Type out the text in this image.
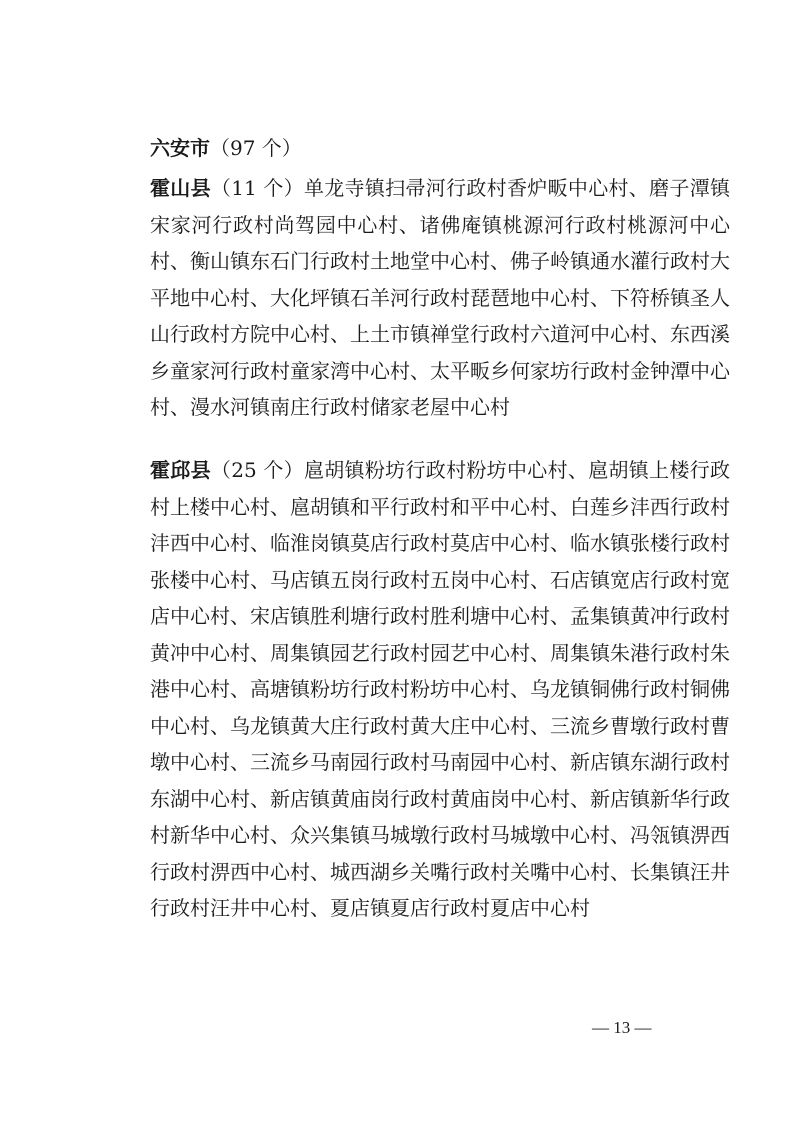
六安市（97 个）
霍山县（11 个）单龙寺镇扫帚河行政村香炉畈中心村、磨子潭镇宋家河行政村尚驾园中心村、诸佛庵镇桃源河行政村桃源河中心村、衡山镇东石门行政村土地堂中心村、佛子岭镇通水灌行政村大平地中心村、大化坪镇石羊河行政村琵琶地中心村、下符桥镇圣人山行政村方院中心村、上土市镇禅堂行政村六道河中心村、东西溪乡童家河行政村童家湾中心村、太平畈乡何家坊行政村金钟潭中心村、漫水河镇南庄行政村储家老屋中心村
霍邱县（25 个）扈胡镇粉坊行政村粉坊中心村、扈胡镇上楼行政村上楼中心村、扈胡镇和平行政村和平中心村、白莲乡沣西行政村沣西中心村、临淮岗镇莫店行政村莫店中心村、临水镇张楼行政村张楼中心村、马店镇五岗行政村五岗中心村、石店镇宽店行政村宽店中心村、宋店镇胜利塘行政村胜利塘中心村、孟集镇黄冲行政村黄冲中心村、周集镇园艺行政村园艺中心村、周集镇朱港行政村朱港中心村、高塘镇粉坊行政村粉坊中心村、乌龙镇铜佛行政村铜佛中心村、乌龙镇黄大庄行政村黄大庄中心村、三流乡曹墩行政村曹墩中心村、三流乡马南园行政村马南园中心村、新店镇东湖行政村东湖中心村、新店镇黄庙岗行政村黄庙岗中心村、新店镇新华行政村新华中心村、众兴集镇马城墩行政村马城墩中心村、冯瓴镇淠西行政村淠西中心村、城西湖乡关嘴行政村关嘴中心村、长集镇汪井行政村汪井中心村、夏店镇夏店行政村夏店中心村
— 13 —
